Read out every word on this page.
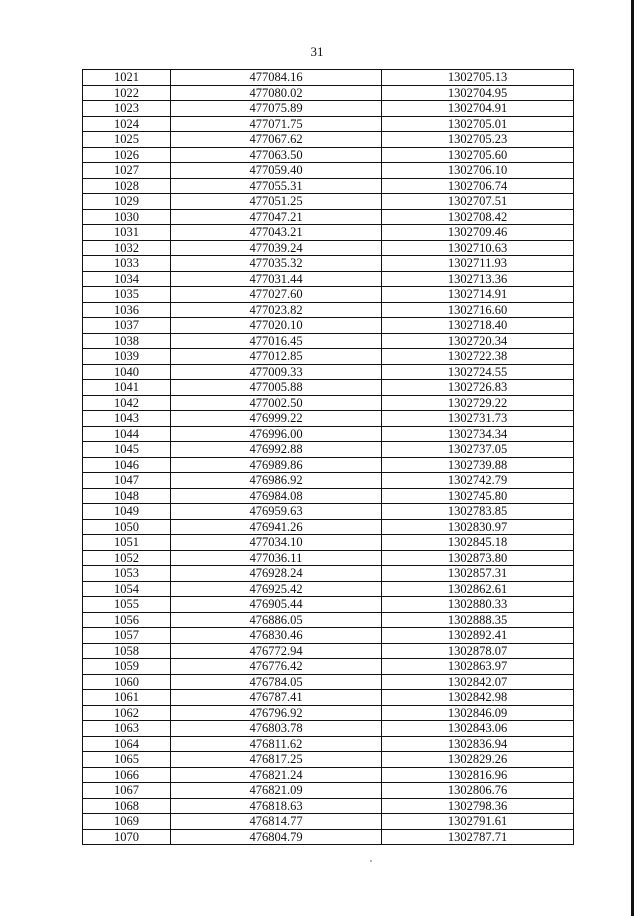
31
1021	477084.16	1302705.13
1022	477080.02	1302704.95
1023	477075.89	1302704.91
1024	477071.75	1302705.01
1025	477067.62	1302705.23
1026	477063.50	1302705.60
1027	477059.40	1302706.10
1028	477055.31	1302706.74
1029	477051.25	1302707.51
1030	477047.21	1302708.42
1031	477043.21	1302709.46
1032	477039.24	1302710.63
1033	477035.32	1302711.93
1034	477031.44	1302713.36
1035	477027.60	1302714.91
1036	477023.82	1302716.60
1037	477020.10	1302718.40
1038	477016.45	1302720.34
1039	477012.85	1302722.38
1040	477009.33	1302724.55
1041	477005.88	1302726.83
1042	477002.50	1302729.22
1043	476999.22	1302731.73
1044	476996.00	1302734.34
1045	476992.88	1302737.05
1046	476989.86	1302739.88
1047	476986.92	1302742.79
1048	476984.08	1302745.80
1049	476959.63	1302783.85
1050	476941.26	1302830.97
1051	477034.10	1302845.18
1052	477036.11	1302873.80
1053	476928.24	1302857.31
1054	476925.42	1302862.61
1055	476905.44	1302880.33
1056	476886.05	1302888.35
1057	476830.46	1302892.41
1058	476772.94	1302878.07
1059	476776.42	1302863.97
1060	476784.05	1302842.07
1061	476787.41	1302842.98
1062	476796.92	1302846.09
1063	476803.78	1302843.06
1064	476811.62	1302836.94
1065	476817.25	1302829.26
1066	476821.24	1302816.96
1067	476821.09	1302806.76
1068	476818.63	1302798.36
1069	476814.77	1302791.61
1070	476804.79	1302787.71
